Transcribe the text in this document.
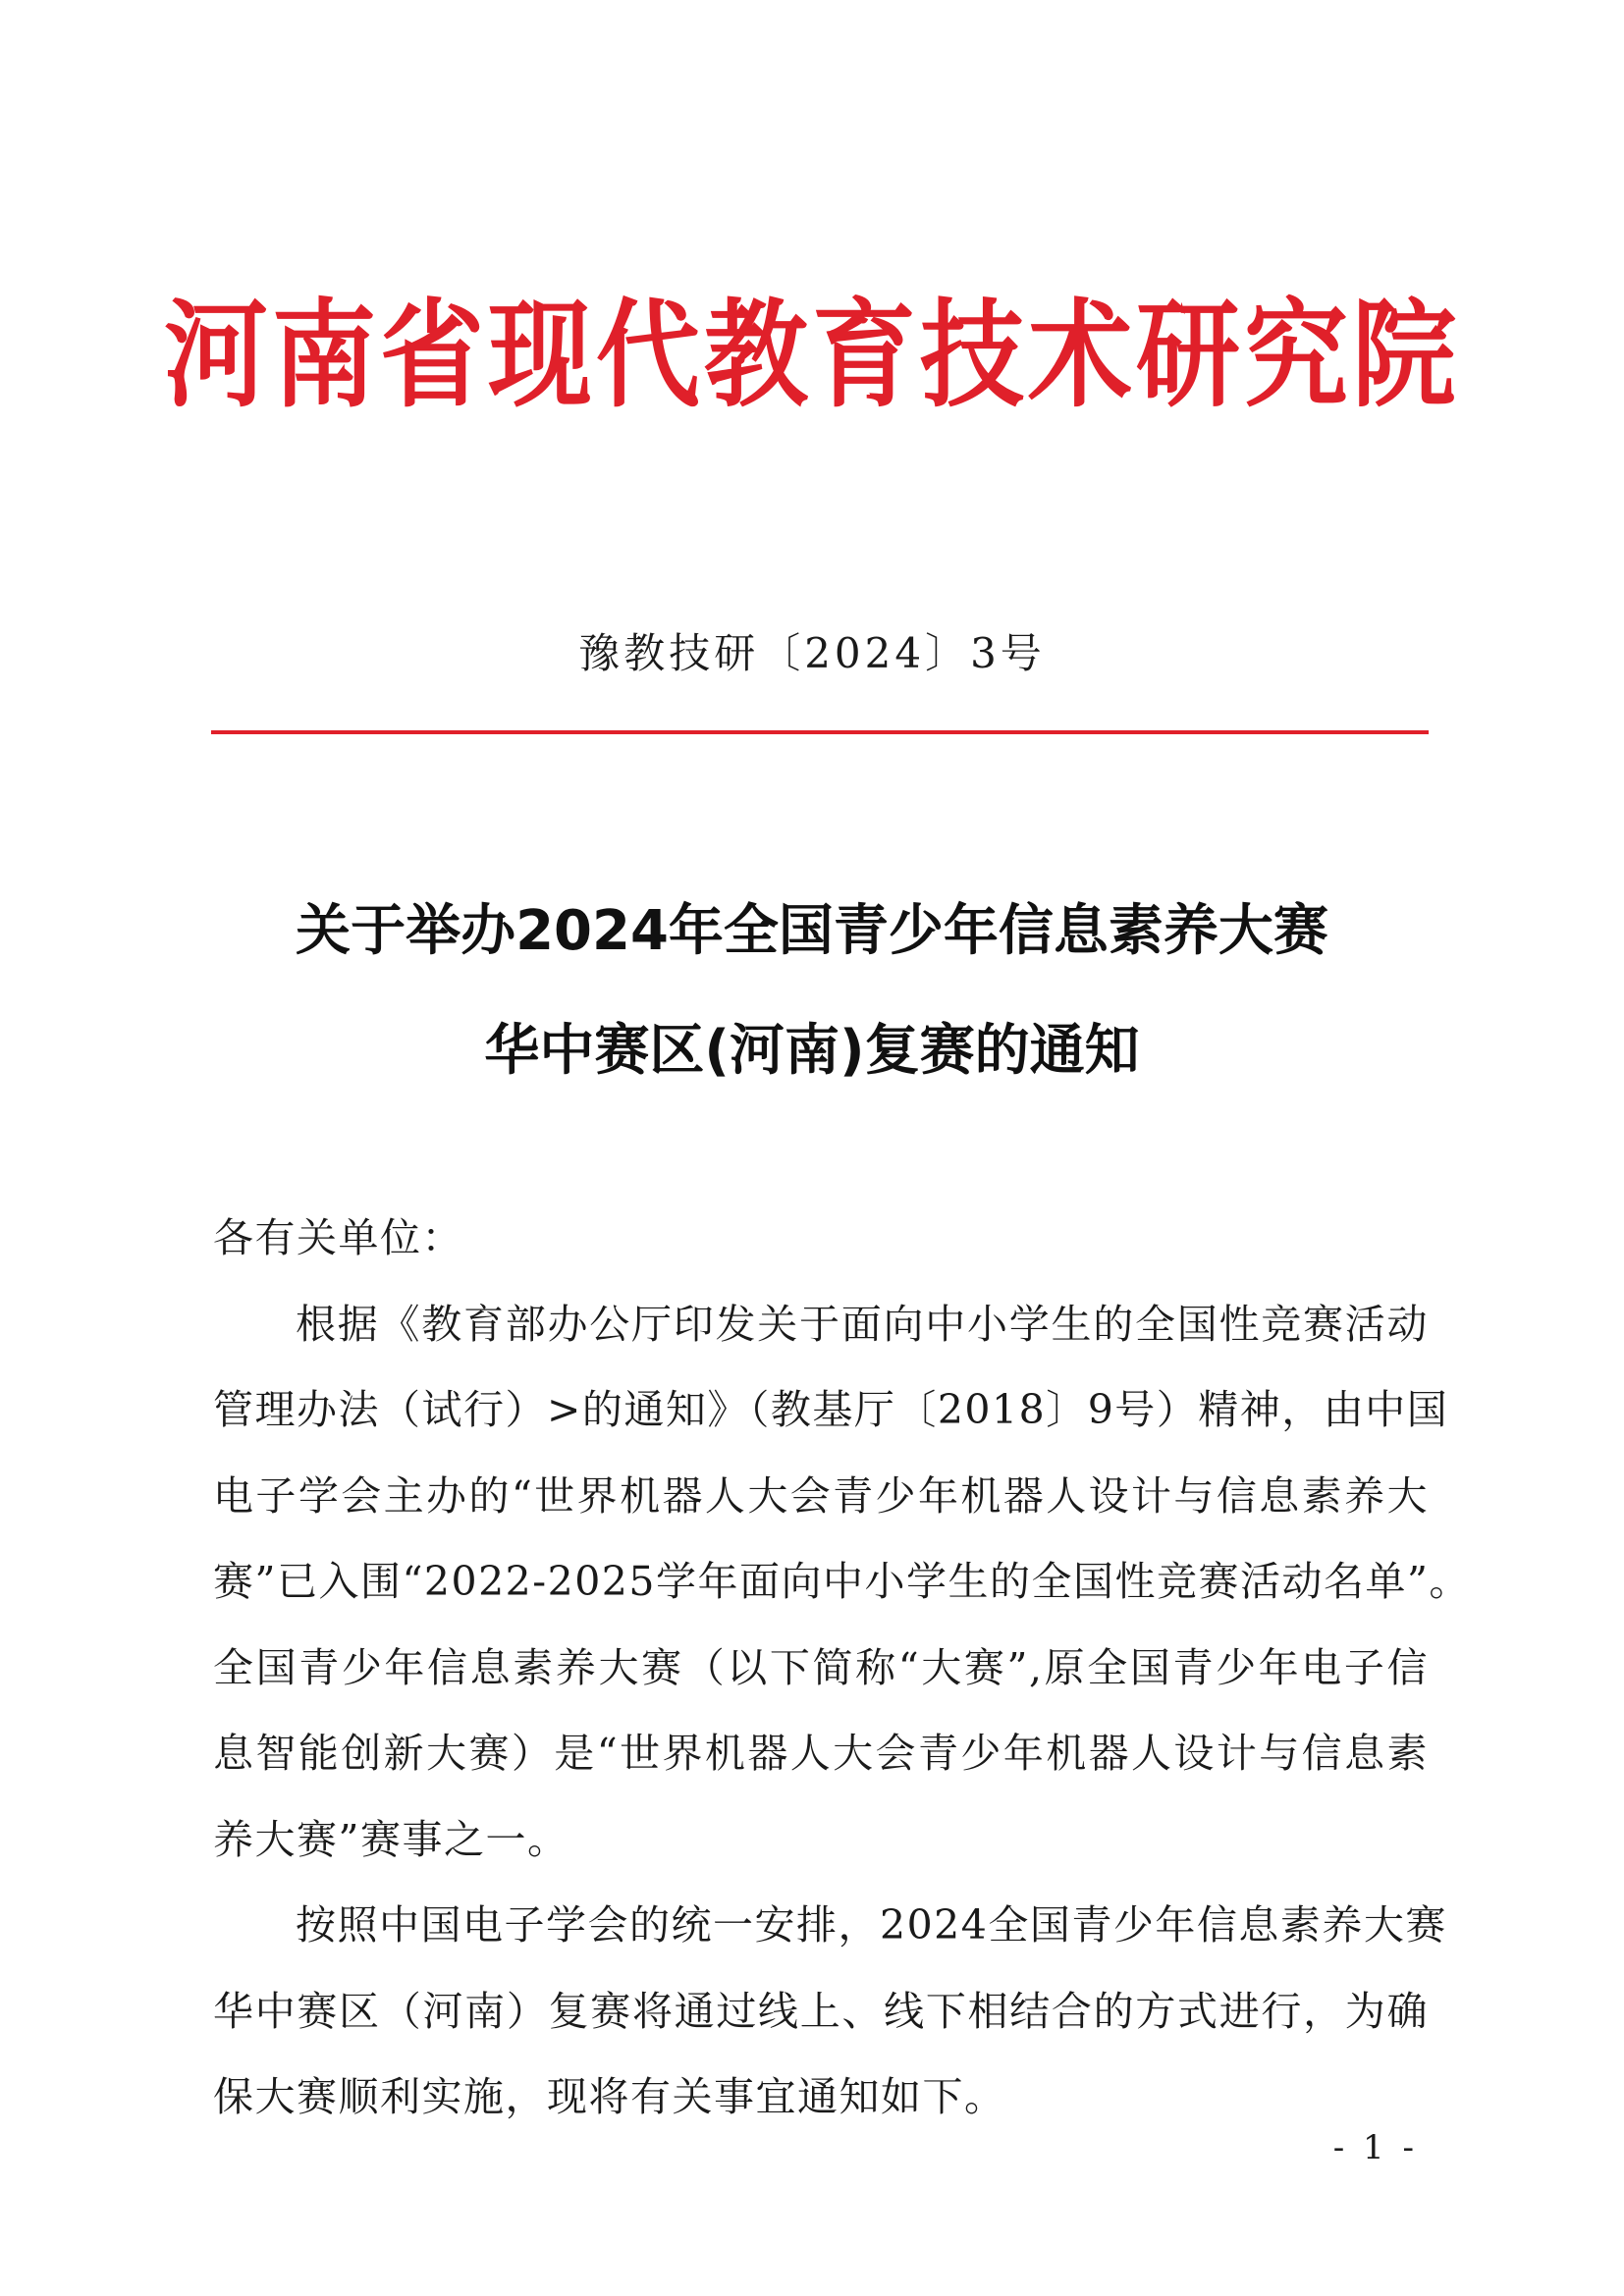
河南省现代教育技术研究院
豫教技研〔2024〕3号
关于举办2024年全国青少年信息素养大赛
华中赛区(河南)复赛的通知

各有关单位：

根据《教育部办公厅印发关于面向中小学生的全国性竞赛活动
管理办法（试行）>的通知》（教基厅〔2018〕9号）精神，由中国
电子学会主办的“世界机器人大会青少年机器人设计与信息素养大
赛”已入围“2022-2025学年面向中小学生的全国性竞赛活动名单”。
全国青少年信息素养大赛（以下简称“大赛”,原全国青少年电子信
息智能创新大赛）是“世界机器人大会青少年机器人设计与信息素
养大赛”赛事之一。

按照中国电子学会的统一安排，2024全国青少年信息素养大赛
华中赛区（河南）复赛将通过线上、线下相结合的方式进行，为确
保大赛顺利实施，现将有关事宜通知如下。

- 1 -
